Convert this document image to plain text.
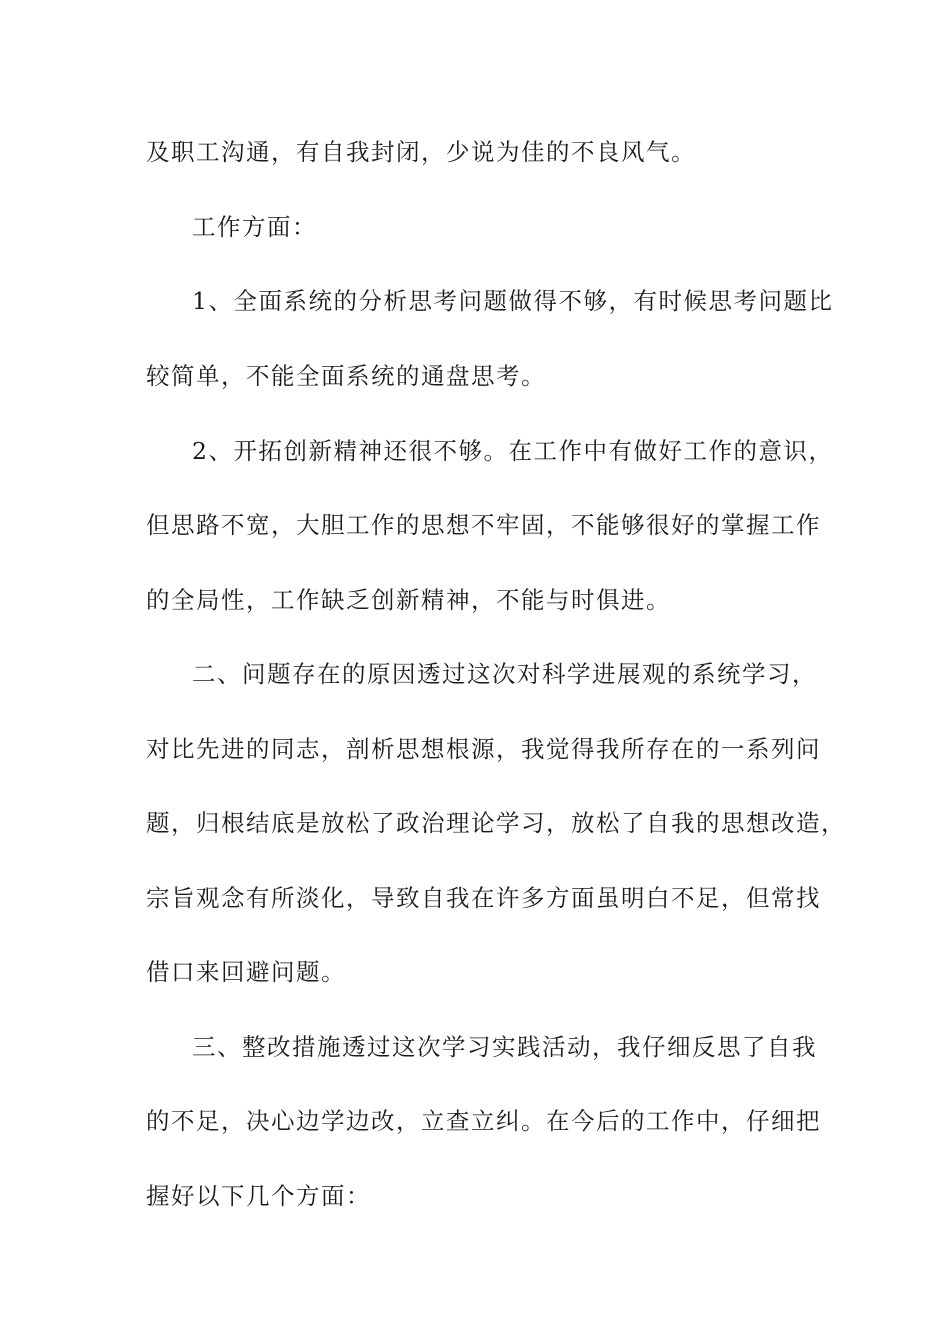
及职工沟通，有自我封闭，少说为佳的不良风气。
工作方面：
1、全面系统的分析思考问题做得不够，有时候思考问题比
较简单，不能全面系统的通盘思考。
2、开拓创新精神还很不够。在工作中有做好工作的意识，
但思路不宽，大胆工作的思想不牢固，不能够很好的掌握工作
的全局性，工作缺乏创新精神，不能与时俱进。
二、问题存在的原因透过这次对科学进展观的系统学习，
对比先进的同志，剖析思想根源，我觉得我所存在的一系列问
题，归根结底是放松了政治理论学习，放松了自我的思想改造，
宗旨观念有所淡化，导致自我在许多方面虽明白不足，但常找
借口来回避问题。
三、整改措施透过这次学习实践活动，我仔细反思了自我
的不足，决心边学边改，立查立纠。在今后的工作中，仔细把
握好以下几个方面：
